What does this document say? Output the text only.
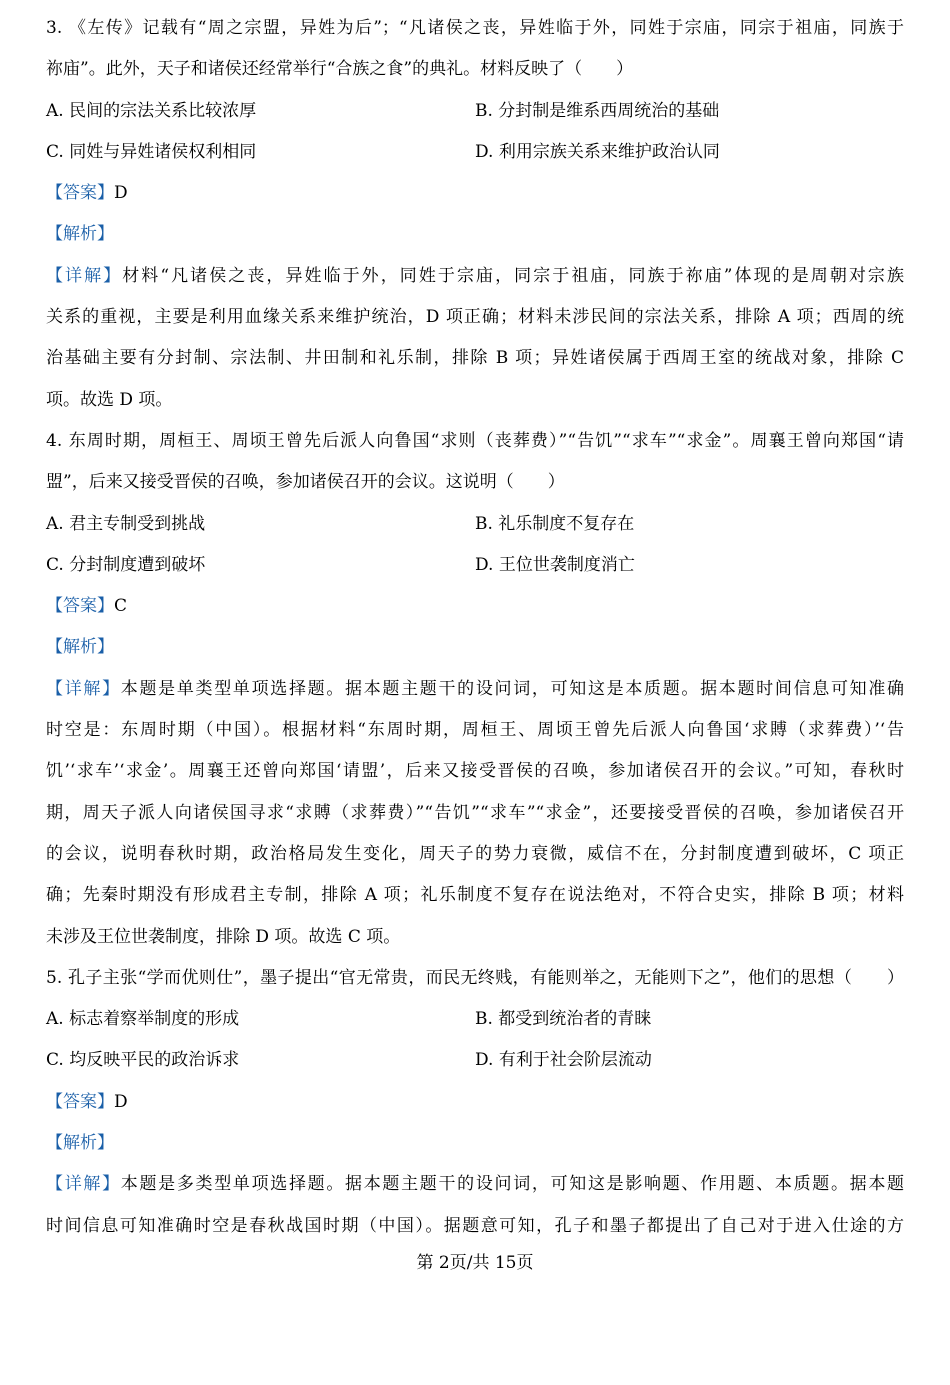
3. 《左传》记载有“周之宗盟，异姓为后”；“凡诸侯之丧，异姓临于外，同姓于宗庙，同宗于祖庙，同族于
祢庙”。此外，天子和诸侯还经常举行“合族之食”的典礼。材料反映了（　　）
A. 民间的宗法关系比较浓厚	B. 分封制是维系西周统治的基础
C. 同姓与异姓诸侯权利相同	D. 利用宗族关系来维护政治认同
【答案】D
【解析】
【详解】材料“凡诸侯之丧，异姓临于外，同姓于宗庙，同宗于祖庙，同族于祢庙”体现的是周朝对宗族
关系的重视，主要是利用血缘关系来维护统治，D 项正确；材料未涉民间的宗法关系，排除 A 项；西周的统
治基础主要有分封制、宗法制、井田制和礼乐制，排除 B 项；异姓诸侯属于西周王室的统战对象，排除 C
项。故选 D 项。
4. 东周时期，周桓王、周顷王曾先后派人向鲁国“求则（丧葬费）”“告饥”“求车”“求金”。周襄王曾向郑国“请
盟”，后来又接受晋侯的召唤，参加诸侯召开的会议。这说明（　　）
A. 君主专制受到挑战	B. 礼乐制度不复存在
C. 分封制度遭到破坏	D. 王位世袭制度消亡
【答案】C
【解析】
【详解】本题是单类型单项选择题。据本题主题干的设问词，可知这是本质题。据本题时间信息可知准确
时空是：东周时期（中国）。根据材料“东周时期，周桓王、周顷王曾先后派人向鲁国‘求賻（求葬费）’‘告
饥’‘求车’‘求金’。周襄王还曾向郑国‘请盟’，后来又接受晋侯的召唤，参加诸侯召开的会议。”可知，春秋时
期，周天子派人向诸侯国寻求“求賻（求葬费）”“告饥”“求车”“求金”，还要接受晋侯的召唤，参加诸侯召开
的会议，说明春秋时期，政治格局发生变化，周天子的势力衰微，威信不在，分封制度遭到破坏，C 项正
确；先秦时期没有形成君主专制，排除 A 项；礼乐制度不复存在说法绝对，不符合史实，排除 B 项；材料
未涉及王位世袭制度，排除 D 项。故选 C 项。
5. 孔子主张“学而优则仕”，墨子提出“官无常贵，而民无终贱，有能则举之，无能则下之”，他们的思想（　　）
A. 标志着察举制度的形成	B. 都受到统治者的青睐
C. 均反映平民的政治诉求	D. 有利于社会阶层流动
【答案】D
【解析】
【详解】本题是多类型单项选择题。据本题主题干的设问词，可知这是影响题、作用题、本质题。据本题
时间信息可知准确时空是春秋战国时期（中国）。据题意可知，孔子和墨子都提出了自己对于进入仕途的方
第 2页/共 15页
